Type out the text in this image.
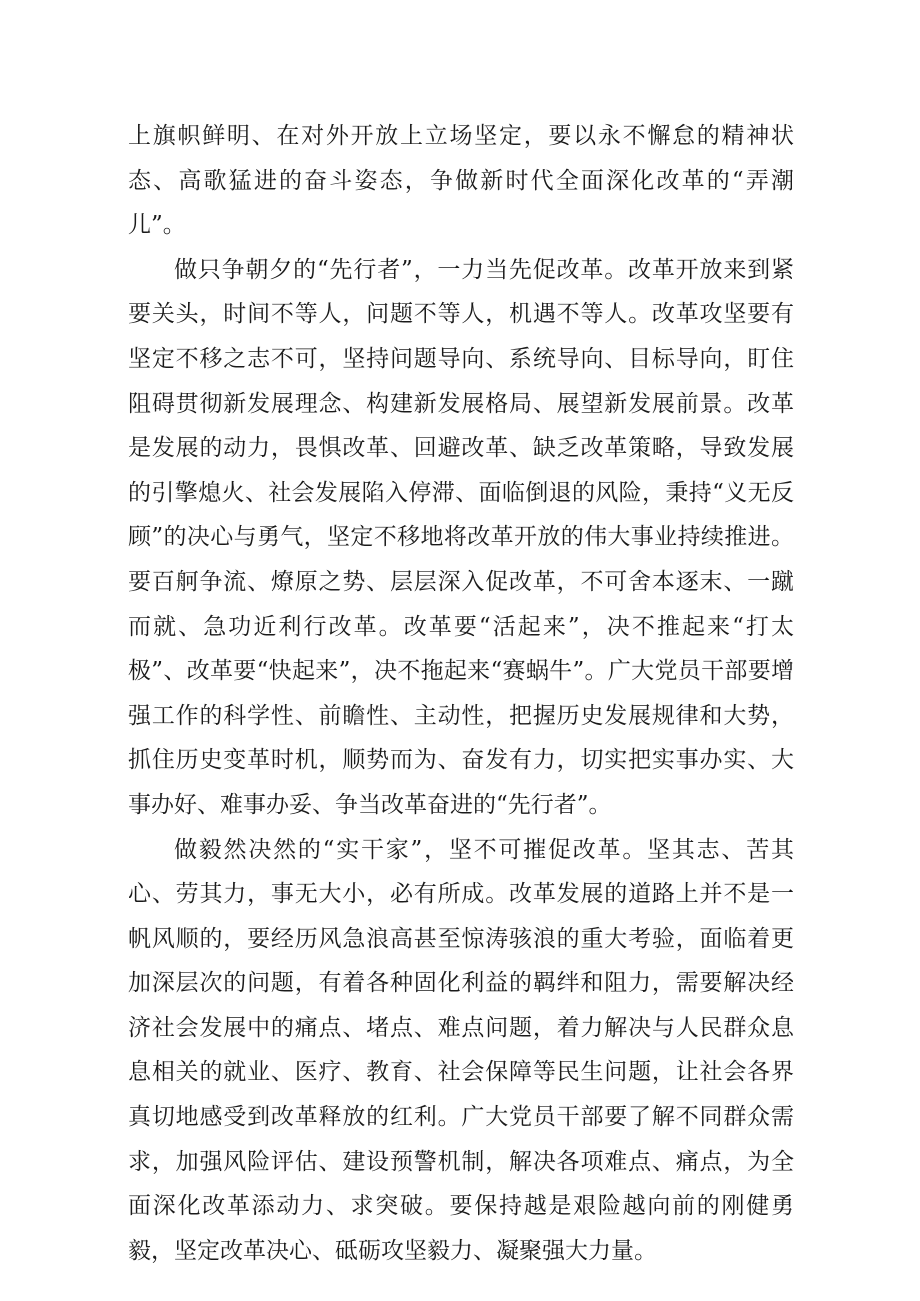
上旗帜鲜明、在对外开放上立场坚定，要以永不懈怠的精神状态、高歌猛进的奋斗姿态，争做新时代全面深化改革的“弄潮儿”。

做只争朝夕的“先行者”，一力当先促改革。改革开放来到紧要关头，时间不等人，问题不等人，机遇不等人。改革攻坚要有坚定不移之志不可，坚持问题导向、系统导向、目标导向，盯住阻碍贯彻新发展理念、构建新发展格局、展望新发展前景。改革是发展的动力，畏惧改革、回避改革、缺乏改革策略，导致发展的引擎熄火、社会发展陷入停滞、面临倒退的风险，秉持“义无反顾”的决心与勇气，坚定不移地将改革开放的伟大事业持续推进。要百舸争流、燎原之势、层层深入促改革，不可舍本逐末、一蹴而就、急功近利行改革。改革要“活起来”，决不推起来“打太极”、改革要“快起来”，决不拖起来“赛蜗牛”。广大党员干部要增强工作的科学性、前瞻性、主动性，把握历史发展规律和大势，抓住历史变革时机，顺势而为、奋发有力，切实把实事办实、大事办好、难事办妥、争当改革奋进的“先行者”。

做毅然决然的“实干家”，坚不可摧促改革。坚其志、苦其心、劳其力，事无大小，必有所成。改革发展的道路上并不是一帆风顺的，要经历风急浪高甚至惊涛骇浪的重大考验，面临着更加深层次的问题，有着各种固化利益的羁绊和阻力，需要解决经济社会发展中的痛点、堵点、难点问题，着力解决与人民群众息息相关的就业、医疗、教育、社会保障等民生问题，让社会各界真切地感受到改革释放的红利。广大党员干部要了解不同群众需求，加强风险评估、建设预警机制，解决各项难点、痛点，为全面深化改革添动力、求突破。要保持越是艰险越向前的刚健勇毅，坚定改革决心、砥砺攻坚毅力、凝聚强大力量。
